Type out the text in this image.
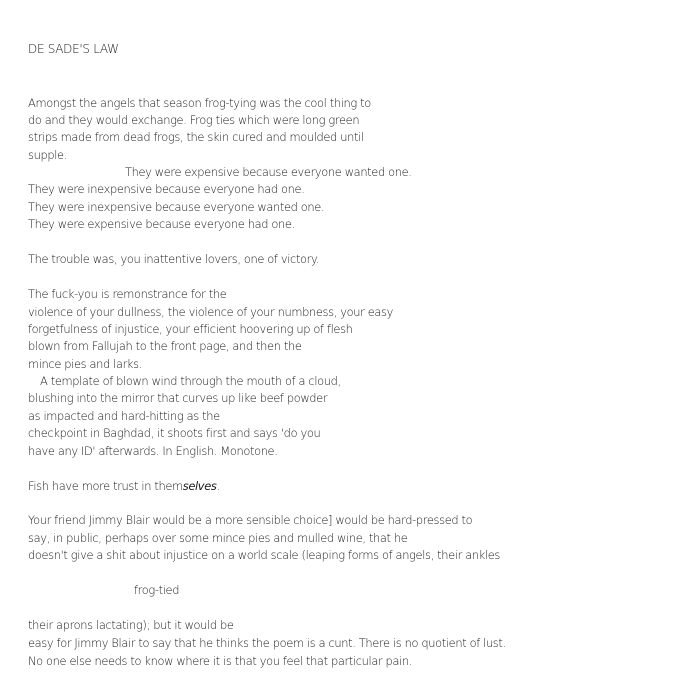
DE SADE'S LAW
Amongst the angels that season frog-tying was the cool thing to
do and they would exchange. Frog ties which were long green
strips made from dead frogs, the skin cured and moulded until
supple.
They were expensive because everyone wanted one.
They were inexpensive because everyone had one.
They were inexpensive because everyone wanted one.
They were expensive because everyone had one.
The trouble was, you inattentive lovers, one of victory.
The fuck-you is remonstrance for the
violence of your dullness, the violence of your numbness, your easy
forgetfulness of injustice, your efficient hoovering up of flesh
blown from Fallujah to the front page, and then the
mince pies and larks.
A template of blown wind through the mouth of a cloud,
blushing into the mirror that curves up like beef powder
as impacted and hard-hitting as the
checkpoint in Baghdad, it shoots first and says 'do you
have any ID' afterwards. In English. Monotone.
Fish have more trust in themselves.
Your friend Jimmy Blair would be a more sensible choice] would be hard-pressed to
say, in public, perhaps over some mince pies and mulled wine, that he
doesn't give a shit about injustice on a world scale (leaping forms of angels, their ankles
frog-tied
their aprons lactating); but it would be
easy for Jimmy Blair to say that he thinks the poem is a cunt. There is no quotient of lust.
No one else needs to know where it is that you feel that particular pain.
